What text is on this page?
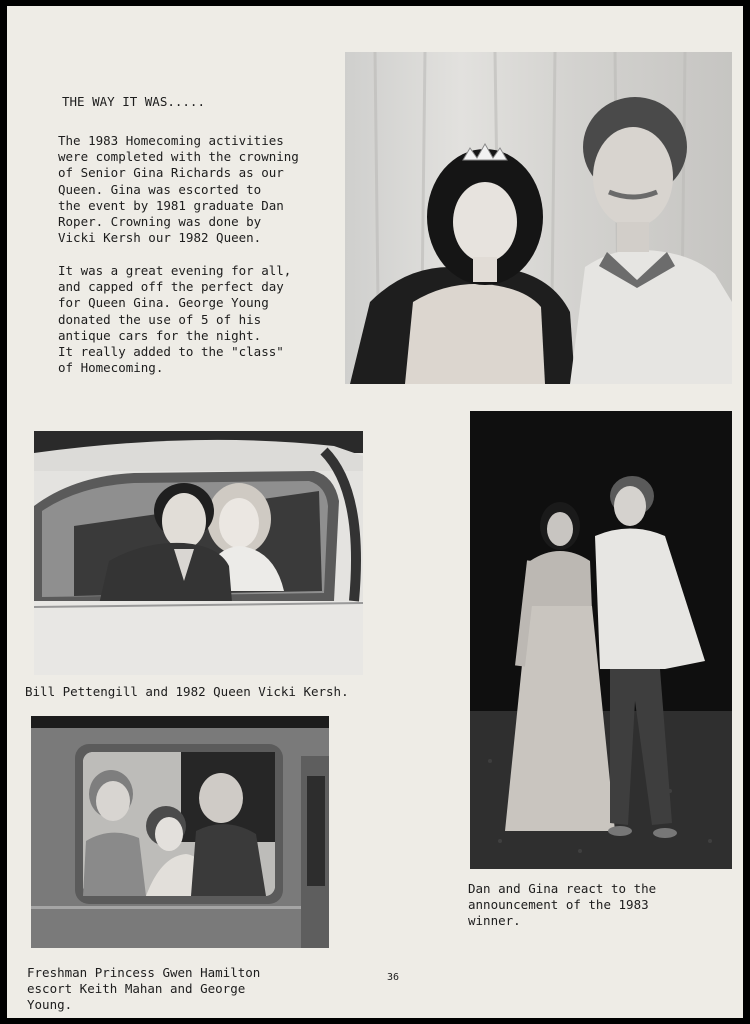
THE WAY IT WAS.....
The 1983 Homecoming activities
were completed with the crowning
of Senior Gina Richards as our
Queen. Gina was escorted to
the event by 1981 graduate Dan
Roper. Crowning was done by
Vicki Kersh our 1982 Queen.
It was a great evening for all,
and capped off the perfect day
for Queen Gina. George Young
donated the use of 5 of his
antique cars for the night.
It really added to the "class"
of Homecoming.
Bill Pettengill and 1982 Queen Vicki Kersh.
Dan and Gina react to the
announcement of the 1983
winner.
Freshman Princess Gwen Hamilton
escort Keith Mahan and George
Young.
36
